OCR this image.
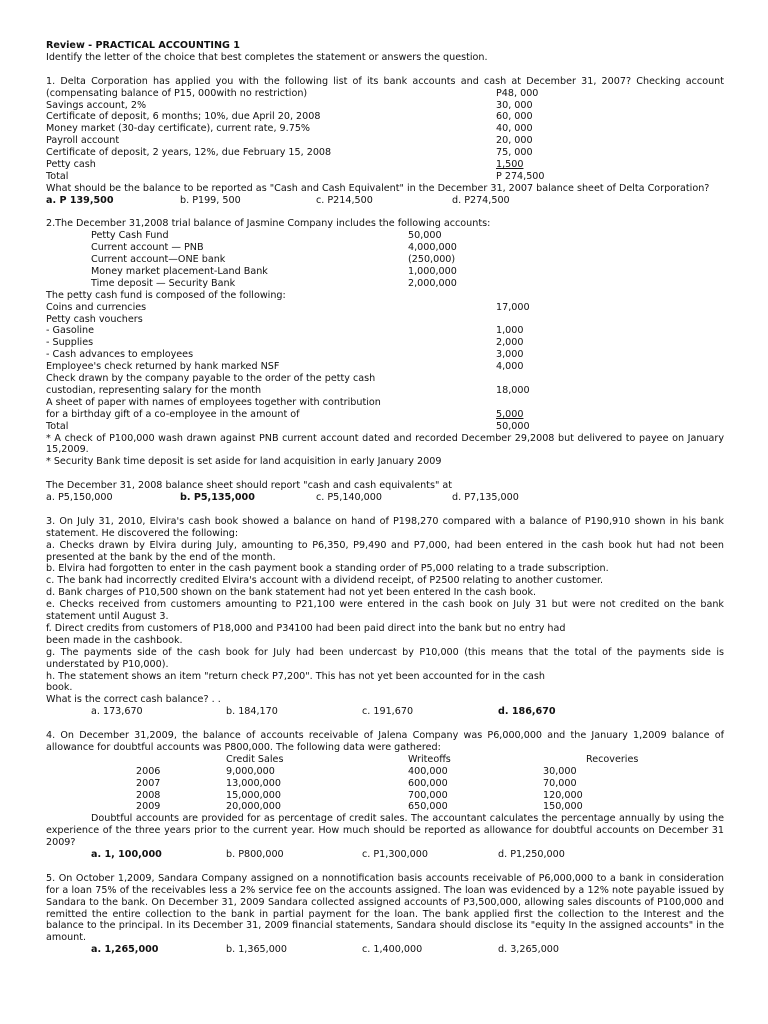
Review - PRACTICAL ACCOUNTING 1
Identify the letter of the choice that best completes the statement or answers the question.

1. Delta Corporation has applied you with the following list of its bank accounts and cash at December 31, 2007? Checking account (compensating balance of P15, 000with no restriction)	P48, 000
Savings account, 2%	30, 000
Certificate of deposit, 6 months; 10%, due April 20, 2008	60, 000
Money market (30-day certificate), current rate, 9.75%	40, 000
Payroll account	20, 000
Certificate of deposit, 2 years, 12%, due February 15, 2008	75, 000
Petty cash	1,500
Total	P 274,500

What should be the balance to be reported as "Cash and Cash Equivalent" in the December 31, 2007 balance sheet of Delta Corporation?

a. P 139,500	b. P199, 500	c. P214,500	d. P274,500
2.The December 31,2008 trial balance of Jasmine Company includes the following accounts:
Petty Cash Fund	50,000
Current account — PNB	4,000,000
Current account—ONE bank	(250,000)
Money market placement-Land Bank	1,000,000
Time deposit — Security Bank	2,000,000
The petty cash fund is composed of the following:
Coins and currencies	17,000
Petty cash vouchers
- Gasoline	1,000
- Supplies	2,000
- Cash advances to employees	3,000
Employee's check returned by hank marked NSF	4,000
Check drawn by the company payable to the order of the petty cash
custodian, representing salary for the month	18,000
A sheet of paper with names of employees together with contribution
for a birthday gift of a co-employee in the amount of	5,000
Total	50,000

* A check of P100,000 wash drawn against PNB current account dated and recorded December 29,2008 but delivered to payee on January 15,2009.

* Security Bank time deposit is set aside for land acquisition in early January 2009

The December 31, 2008 balance sheet should report "cash and cash equivalents" at
a. P5,150,000	b. P5,135,000	c. P5,140,000	d. P7,135,000

3. On July 31, 2010, Elvira's cash book showed a balance on hand of P198,270 compared with a balance of P190,910 shown in his bank statement. He discovered the following:

a. Checks drawn by Elvira during July, amounting to P6,350, P9,490 and P7,000, had been entered in the cash book hut had not been presented at the bank by the end of the month.

b. Elvira had forgotten to enter in the cash payment book a standing order of P5,000 relating to a trade subscription.

c. The bank had incorrectly credited Elvira's account with a dividend receipt, of P2500 relating to another customer.

d. Bank charges of P10,500 shown on the bank statement had not yet been entered In the cash book.

e. Checks received from customers amounting to P21,100 were entered in the cash book on July 31 but were not credited on the bank statement until August 3.

f. Direct credits from customers of P18,000 and P34100 had been paid direct into the bank but no entry had
been made in the cashbook.

g. The payments side of the cash book for July had been undercast by P10,000 (this means that the total of the payments side is understated by P10,000).

h. The statement shows an item "return check P7,200". This has not yet been accounted for in the cash
book.
What is the correct cash balance? . .
a. 173,670	b. 184,170	c. 191,670	d. 186,670

4. On December 31,2009, the balance of accounts receivable of Jalena Company was P6,000,000 and the January 1,2009 balance of allowance for doubtful accounts was P800,000. The following data were gathered:

Credit Sales	Writeoffs	Recoveries
2006	9,000,000	400,000	30,000
2007	13,000,000	600,000	70,000
2008	15,000,000	700,000	120,000
2009	20,000,000	650,000	150,000

Doubtful accounts are provided for as percentage of credit sales. The accountant calculates the percentage annually by using the experience of the three years prior to the current year. How much should be reported as allowance for doubtful accounts on December 31 2009?

a. 1, 100,000	b. P800,000	c. P1,300,000	d. P1,250,000

5. On October 1,2009, Sandara Company assigned on a nonnotification basis accounts receivable of P6,000,000 to a bank in consideration for a loan 75% of the receivables less a 2% service fee on the accounts assigned. The loan was evidenced by a 12% note payable issued by Sandara to the bank. On December 31, 2009 Sandara collected assigned accounts of P3,500,000, allowing sales discounts of P100,000 and remitted the entire collection to the bank in partial payment for the loan. The bank applied first the collection to the Interest and the balance to the principal. In its December 31, 2009 financial statements, Sandara should disclose its "equity In the assigned accounts" in the amount.

a. 1,265,000	b. 1,365,000	c. 1,400,000	d. 3,265,000
